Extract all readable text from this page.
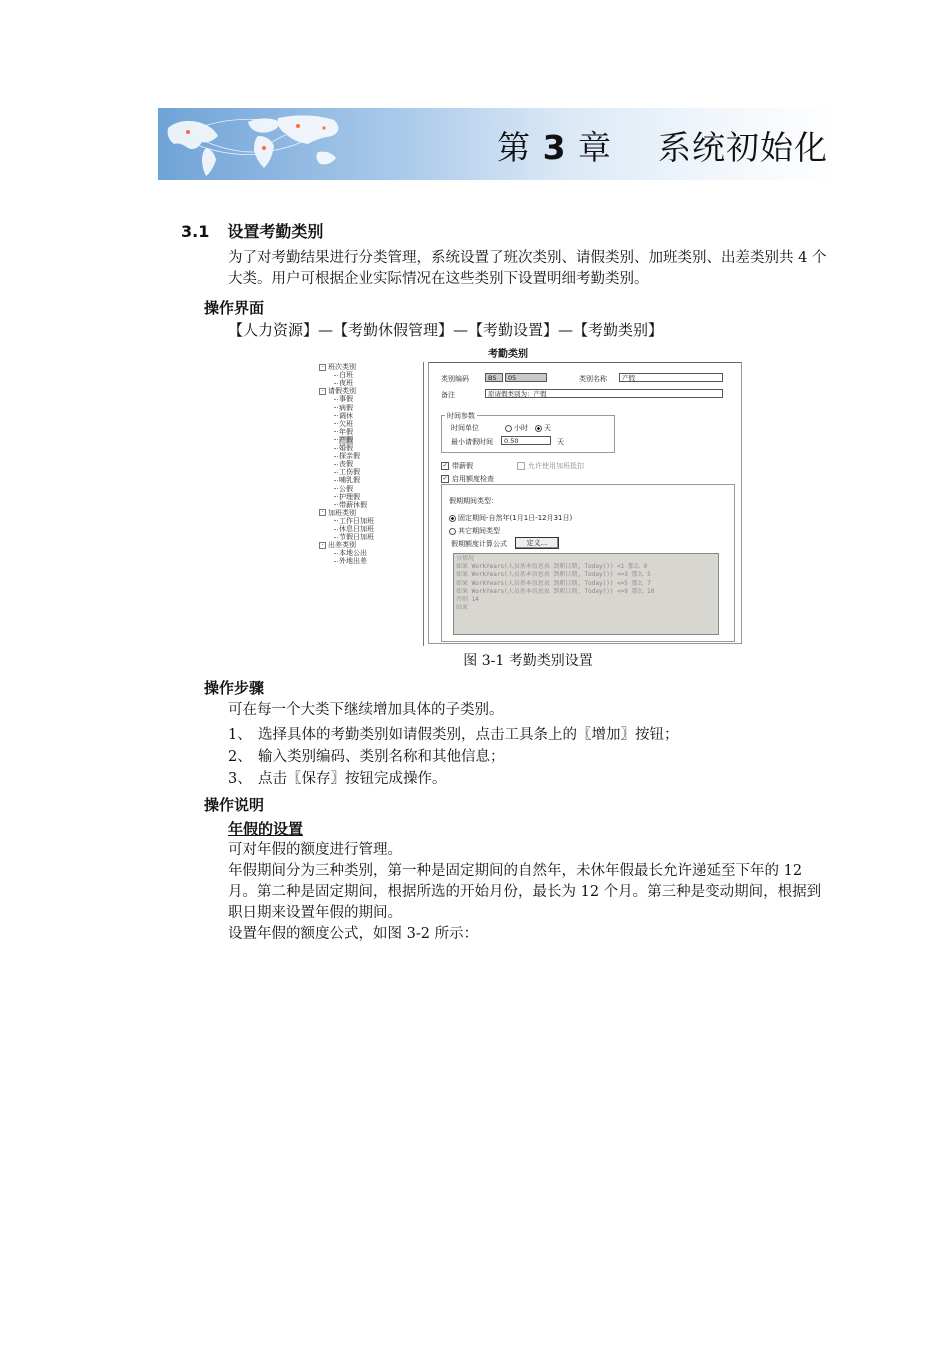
第 3 章 系统初始化
3.1 设置考勤类别
为了对考勤结果进行分类管理，系统设置了班次类别、请假类别、加班类别、出差类别共 4 个大类。用户可根据企业实际情况在这些类别下设置明细考勤类别。
操作界面
【人力资源】—【考勤休假管理】—【考勤设置】—【考勤类别】
考勤类别
- 班次类别
白班
夜班
- 请假类别
事假
病假
调休
欠班
年假
产假
婚假
探亲假
丧假
工伤假
哺乳假
公假
护理假
带薪休假
- 加班类别
工作日加班
休息日加班
节假日加班
- 出差类别
本地公出
外地出差
类别编码	BS	05	类别名称	产假
备注	原请假类别为：产假
时间参数
时间单位	小时	天
最小请假时间	0.50	天
✓ 带薪假	允许使用加班抵扣
✓ 启用额度检查
假期期间类型：
固定期间-自然年(1月1日-12月31日)
其它期间类型
假期额度计算公式	定义...
分情况
如果 WorkYears(人员基本信息表 到职日期, Today()) <1 那么 0
如果 WorkYears(人员基本信息表 到职日期, Today()) <=3 那么 5
如果 WorkYears(人员基本信息表 到职日期, Today()) <=5 那么 7
如果 WorkYears(人员基本信息表 到职日期, Today()) <=9 那么 10
否则 14
结束
图 3-1 考勤类别设置
操作步骤
可在每一个大类下继续增加具体的子类别。
1、 选择具体的考勤类别如请假类别，点击工具条上的〖增加〗按钮；
2、 输入类别编码、类别名称和其他信息；
3、 点击〖保存〗按钮完成操作。
操作说明
年假的设置
可对年假的额度进行管理。
年假期间分为三种类别，第一种是固定期间的自然年，未休年假最长允许递延至下年的 12 月。第二种是固定期间，根据所选的开始月份，最长为 12 个月。第三种是变动期间，根据到职日期来设置年假的期间。
设置年假的额度公式，如图 3-2 所示：
